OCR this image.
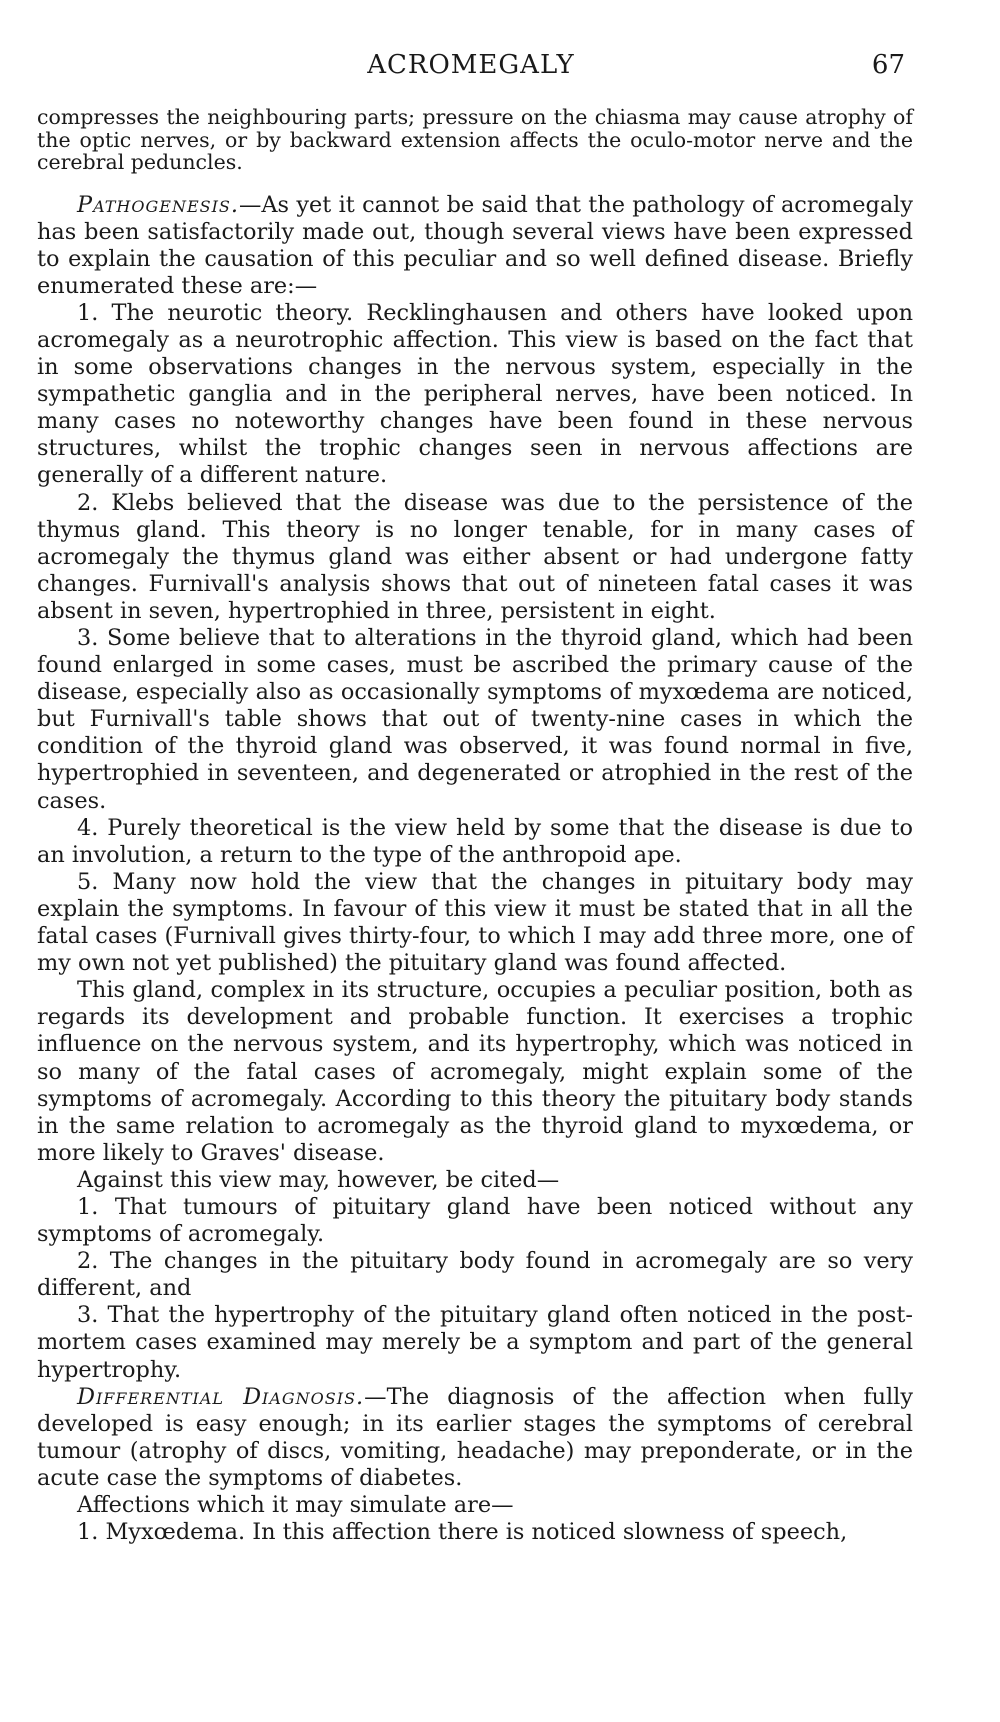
ACROMEGALY	67

compresses the neighbouring parts; pressure on the chiasma may cause atrophy of the optic nerves, or by backward extension affects the oculo-motor nerve and the cerebral peduncles.

Pathogenesis.—As yet it cannot be said that the pathology of acromegaly has been satisfactorily made out, though several views have been expressed to explain the causation of this peculiar and so well defined disease. Briefly enumerated these are:—

1. The neurotic theory. Recklinghausen and others have looked upon acromegaly as a neurotrophic affection. This view is based on the fact that in some observations changes in the nervous system, especially in the sympathetic ganglia and in the peripheral nerves, have been noticed. In many cases no noteworthy changes have been found in these nervous structures, whilst the trophic changes seen in nervous affections are generally of a different nature.

2. Klebs believed that the disease was due to the persistence of the thymus gland. This theory is no longer tenable, for in many cases of acromegaly the thymus gland was either absent or had undergone fatty changes. Furnivall's analysis shows that out of nineteen fatal cases it was absent in seven, hypertrophied in three, persistent in eight.

3. Some believe that to alterations in the thyroid gland, which had been found enlarged in some cases, must be ascribed the primary cause of the disease, especially also as occasionally symptoms of myxœdema are noticed, but Furnivall's table shows that out of twenty-nine cases in which the condition of the thyroid gland was observed, it was found normal in five, hypertrophied in seventeen, and degenerated or atrophied in the rest of the cases.

4. Purely theoretical is the view held by some that the disease is due to an involution, a return to the type of the anthropoid ape.

5. Many now hold the view that the changes in pituitary body may explain the symptoms. In favour of this view it must be stated that in all the fatal cases (Furnivall gives thirty-four, to which I may add three more, one of my own not yet published) the pituitary gland was found affected.

This gland, complex in its structure, occupies a peculiar position, both as regards its development and probable function. It exercises a trophic influence on the nervous system, and its hypertrophy, which was noticed in so many of the fatal cases of acromegaly, might explain some of the symptoms of acromegaly. According to this theory the pituitary body stands in the same relation to acromegaly as the thyroid gland to myxœdema, or more likely to Graves' disease.

Against this view may, however, be cited—

1. That tumours of pituitary gland have been noticed without any symptoms of acromegaly.

2. The changes in the pituitary body found in acromegaly are so very different, and

3. That the hypertrophy of the pituitary gland often noticed in the post-mortem cases examined may merely be a symptom and part of the general hypertrophy.

Differential Diagnosis.—The diagnosis of the affection when fully developed is easy enough; in its earlier stages the symptoms of cerebral tumour (atrophy of discs, vomiting, headache) may preponderate, or in the acute case the symptoms of diabetes.

Affections which it may simulate are—

1. Myxœdema. In this affection there is noticed slowness of speech,
